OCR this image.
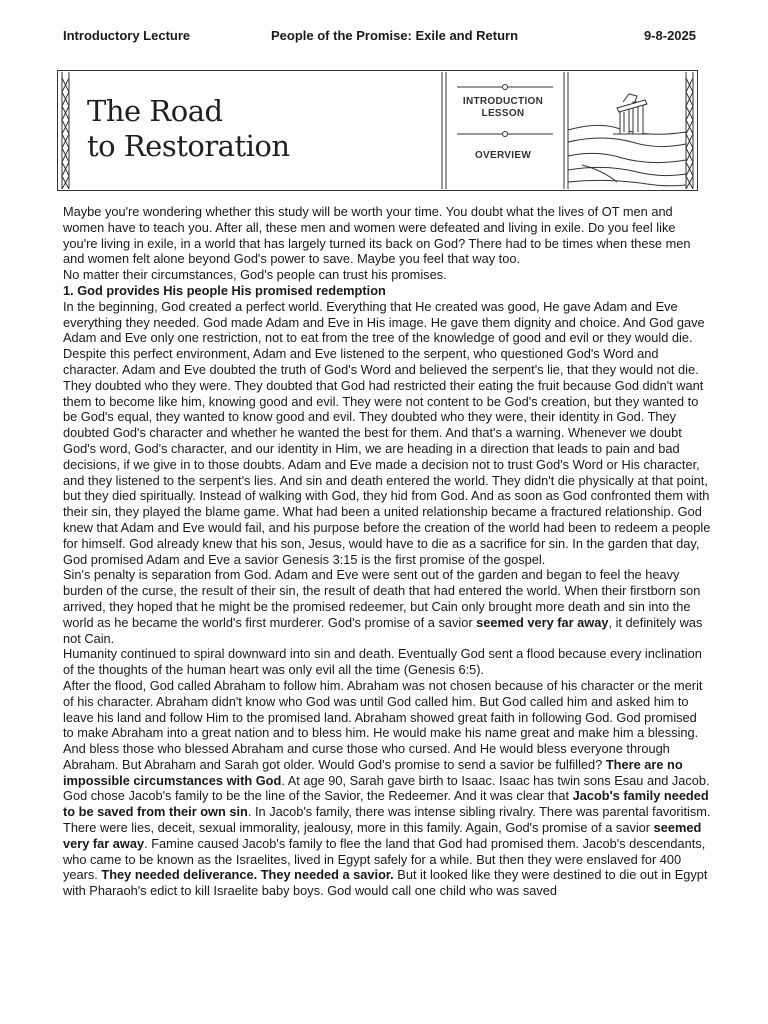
Introductory Lecture	People of the Promise: Exile and Return	9-8-2025
The Road
to Restoration
INTRODUCTION
LESSON
OVERVIEW

Maybe you're wondering whether this study will be worth your time. You doubt what the lives of OT men and women have to teach you. After all, these men and women were defeated and living in exile. Do you feel like you're living in exile, in a world that has largely turned its back on God? There had to be times when these men and women felt alone beyond God's power to save. Maybe you feel that way too.

No matter their circumstances, God's people can trust his promises.

1. God provides His people His promised redemption

In the beginning, God created a perfect world. Everything that He created was good, He gave Adam and Eve everything they needed. God made Adam and Eve in His image. He gave them dignity and choice. And God gave Adam and Eve only one restriction, not to eat from the tree of the knowledge of good and evil or they would die. Despite this perfect environment, Adam and Eve listened to the serpent, who questioned God's Word and character. Adam and Eve doubted the truth of God's Word and believed the serpent's lie, that they would not die. They doubted who they were. They doubted that God had restricted their eating the fruit because God didn't want them to become like him, knowing good and evil. They were not content to be God's creation, but they wanted to be God's equal, they wanted to know good and evil. They doubted who they were, their identity in God. They doubted God's character and whether he wanted the best for them. And that's a warning. Whenever we doubt God's word, God's character, and our identity in Him, we are heading in a direction that leads to pain and bad decisions, if we give in to those doubts. Adam and Eve made a decision not to trust God's Word or His character, and they listened to the serpent's lies. And sin and death entered the world. They didn't die physically at that point, but they died spiritually. Instead of walking with God, they hid from God. And as soon as God confronted them with their sin, they played the blame game. What had been a united relationship became a fractured relationship. God knew that Adam and Eve would fail, and his purpose before the creation of the world had been to redeem a people for himself. God already knew that his son, Jesus, would have to die as a sacrifice for sin. In the garden that day, God promised Adam and Eve a savior Genesis 3:15 is the first promise of the gospel.

Sin's penalty is separation from God. Adam and Eve were sent out of the garden and began to feel the heavy burden of the curse, the result of their sin, the result of death that had entered the world. When their firstborn son arrived, they hoped that he might be the promised redeemer, but Cain only brought more death and sin into the world as he became the world's first murderer. God's promise of a savior seemed very far away, it definitely was not Cain.

Humanity continued to spiral downward into sin and death. Eventually God sent a flood because every inclination of the thoughts of the human heart was only evil all the time (Genesis 6:5).

After the flood, God called Abraham to follow him. Abraham was not chosen because of his character or the merit of his character. Abraham didn't know who God was until God called him. But God called him and asked him to leave his land and follow Him to the promised land. Abraham showed great faith in following God. God promised to make Abraham into a great nation and to bless him. He would make his name great and make him a blessing. And bless those who blessed Abraham and curse those who cursed. And He would bless everyone through Abraham. But Abraham and Sarah got older. Would God's promise to send a savior be fulfilled? There are no impossible circumstances with God. At age 90, Sarah gave birth to Isaac. Isaac has twin sons Esau and Jacob. God chose Jacob's family to be the line of the Savior, the Redeemer. And it was clear that Jacob's family needed to be saved from their own sin. In Jacob's family, there was intense sibling rivalry. There was parental favoritism. There were lies, deceit, sexual immorality, jealousy, more in this family. Again, God's promise of a savior seemed very far away. Famine caused Jacob's family to flee the land that God had promised them. Jacob's descendants, who came to be known as the Israelites, lived in Egypt safely for a while. But then they were enslaved for 400 years. They needed deliverance. They needed a savior. But it looked like they were destined to die out in Egypt with Pharaoh's edict to kill Israelite baby boys. God would call one child who was saved
